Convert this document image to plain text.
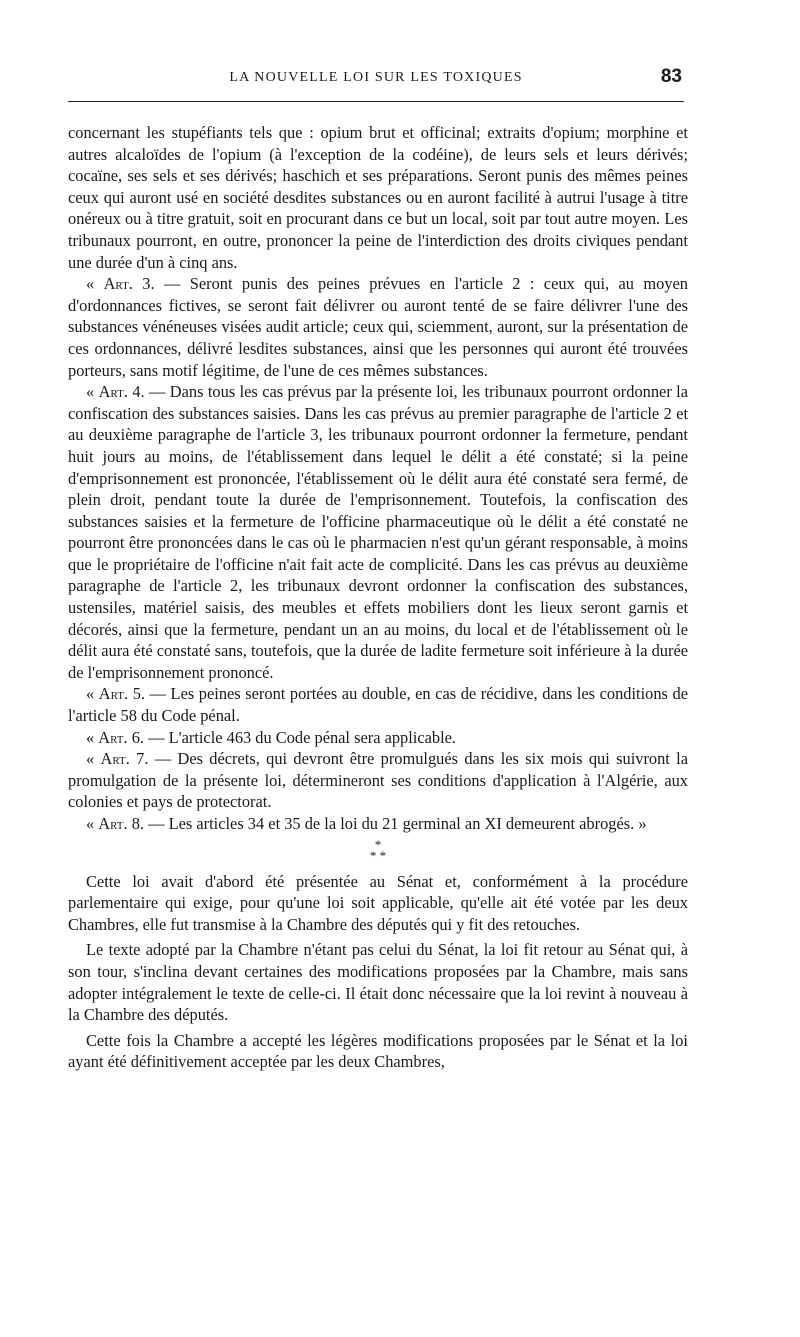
LA NOUVELLE LOI SUR LES TOXIQUES	83

concernant les stupéfiants tels que : opium brut et officinal; extraits d'opium; morphine et autres alcaloïdes de l'opium (à l'exception de la codéine), de leurs sels et leurs dérivés; cocaïne, ses sels et ses dérivés; haschich et ses préparations. Seront punis des mêmes peines ceux qui auront usé en société desdites substances ou en auront facilité à autrui l'usage à titre onéreux ou à titre gratuit, soit en procurant dans ce but un local, soit par tout autre moyen. Les tribunaux pourront, en outre, prononcer la peine de l'interdiction des droits civiques pendant une durée d'un à cinq ans.

« Art. 3. — Seront punis des peines prévues en l'article 2 : ceux qui, au moyen d'ordonnances fictives, se seront fait délivrer ou auront tenté de se faire délivrer l'une des substances vénéneuses visées audit article; ceux qui, sciemment, auront, sur la présentation de ces ordonnances, délivré lesdites substances, ainsi que les personnes qui auront été trouvées porteurs, sans motif légitime, de l'une de ces mêmes substances.

« Art. 4. — Dans tous les cas prévus par la présente loi, les tribunaux pourront ordonner la confiscation des substances saisies. Dans les cas prévus au premier paragraphe de l'article 2 et au deuxième paragraphe de l'article 3, les tribunaux pourront ordonner la fermeture, pendant huit jours au moins, de l'établissement dans lequel le délit a été constaté; si la peine d'emprisonnement est prononcée, l'établissement où le délit aura été constaté sera fermé, de plein droit, pendant toute la durée de l'emprisonnement. Toutefois, la confiscation des substances saisies et la fermeture de l'officine pharmaceutique où le délit a été constaté ne pourront être prononcées dans le cas où le pharmacien n'est qu'un gérant responsable, à moins que le propriétaire de l'officine n'ait fait acte de complicité. Dans les cas prévus au deuxième paragraphe de l'article 2, les tribunaux devront ordonner la confiscation des substances, ustensiles, matériel saisis, des meubles et effets mobiliers dont les lieux seront garnis et décorés, ainsi que la fermeture, pendant un an au moins, du local et de l'établissement où le délit aura été constaté sans, toutefois, que la durée de ladite fermeture soit inférieure à la durée de l'emprisonnement prononcé.

« Art. 5. — Les peines seront portées au double, en cas de récidive, dans les conditions de l'article 58 du Code pénal.

« Art. 6. — L'article 463 du Code pénal sera applicable.

« Art. 7. — Des décrets, qui devront être promulgués dans les six mois qui suivront la promulgation de la présente loi, détermineront ses conditions d'application à l'Algérie, aux colonies et pays de protectorat.

« Art. 8. — Les articles 34 et 35 de la loi du 21 germinal an XI demeurent abrogés. »

*
* *

Cette loi avait d'abord été présentée au Sénat et, conformément à la procédure parlementaire qui exige, pour qu'une loi soit applicable, qu'elle ait été votée par les deux Chambres, elle fut transmise à la Chambre des députés qui y fit des retouches.

Le texte adopté par la Chambre n'étant pas celui du Sénat, la loi fit retour au Sénat qui, à son tour, s'inclina devant certaines des modifications proposées par la Chambre, mais sans adopter intégralement le texte de celle-ci. Il était donc nécessaire que la loi revint à nouveau à la Chambre des députés.

Cette fois la Chambre a accepté les légères modifications proposées par le Sénat et la loi ayant été définitivement acceptée par les deux Chambres,
